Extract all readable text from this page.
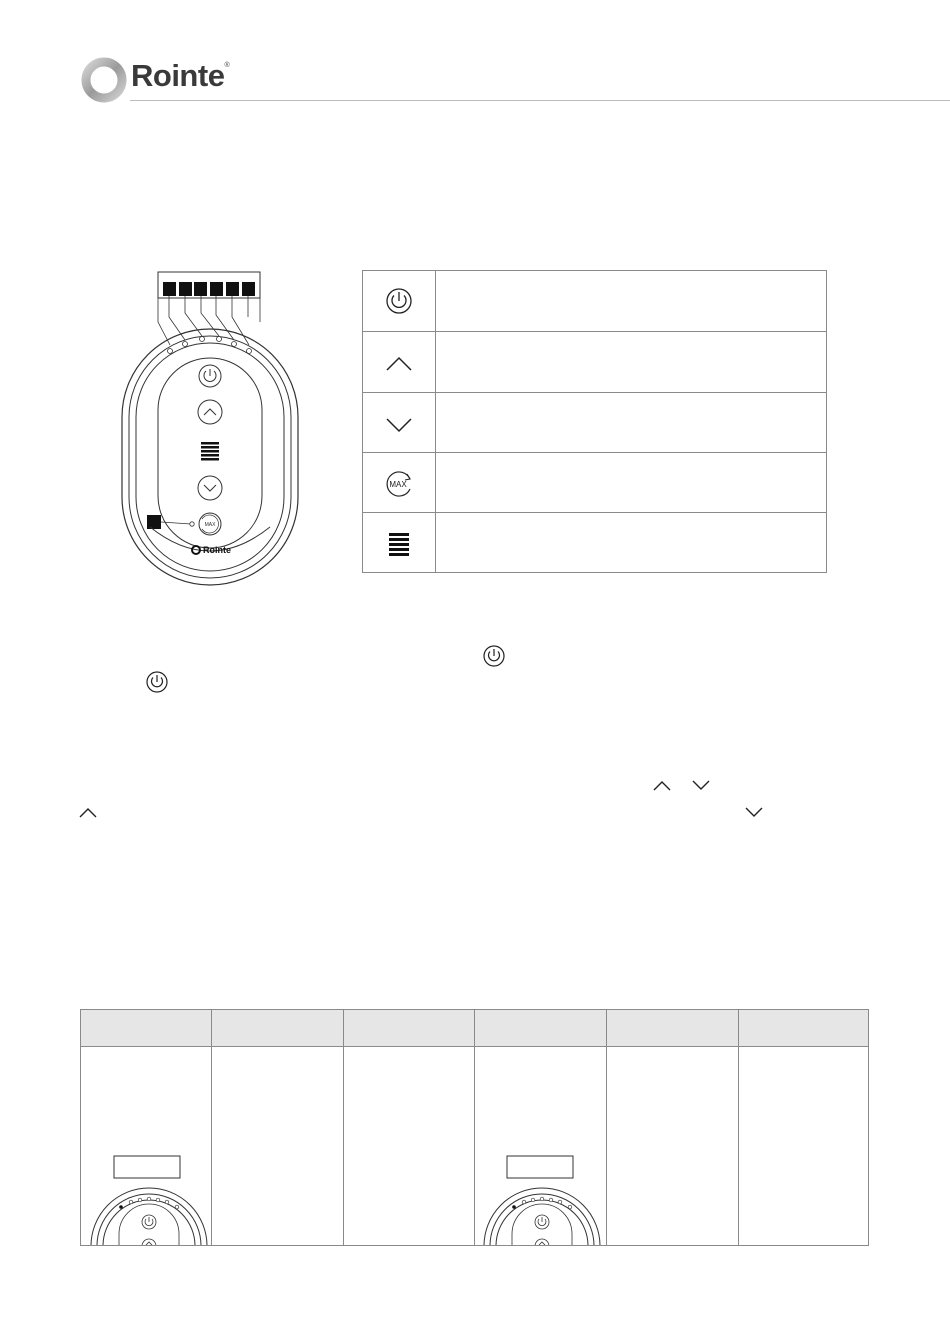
Rointe®
MAX
Rointe
MAX
